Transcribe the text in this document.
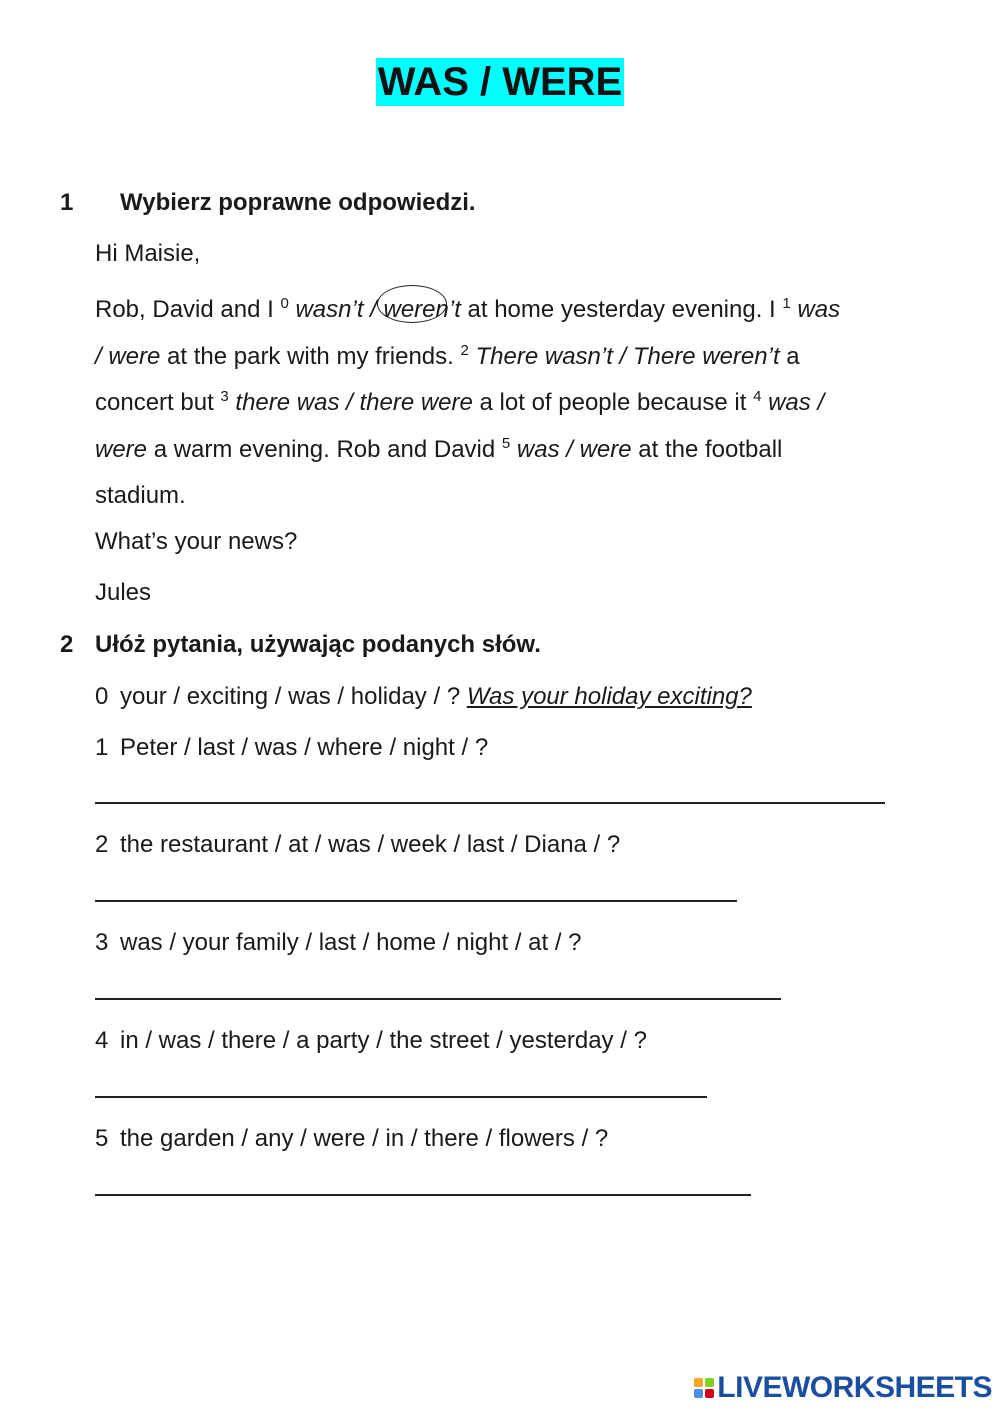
WAS / WERE
1 Wybierz poprawne odpowiedzi.
Hi Maisie,
Rob, David and I $^0$ wasn’t / weren’t at home yesterday evening. I $^1$ was
/ were at the park with my friends. $^2$ There wasn’t / There weren’t a
concert but $^3$ there was / there were a lot of people because it $^4$ was /
were a warm evening. Rob and David $^5$ was / were at the football
stadium.
What’s your news?
Jules
2 Ułóż pytania, używając podanych słów.
0 your / exciting / was / holiday / ? Was your holiday exciting?
1 Peter / last / was / where / night / ?
2 the restaurant / at / was / week / last / Diana / ?
3 was / your family / last / home / night / at / ?
4 in / was / there / a party / the street / yesterday / ?
5 the garden / any / were / in / there / flowers / ?
LIVEWORKSHEETS
